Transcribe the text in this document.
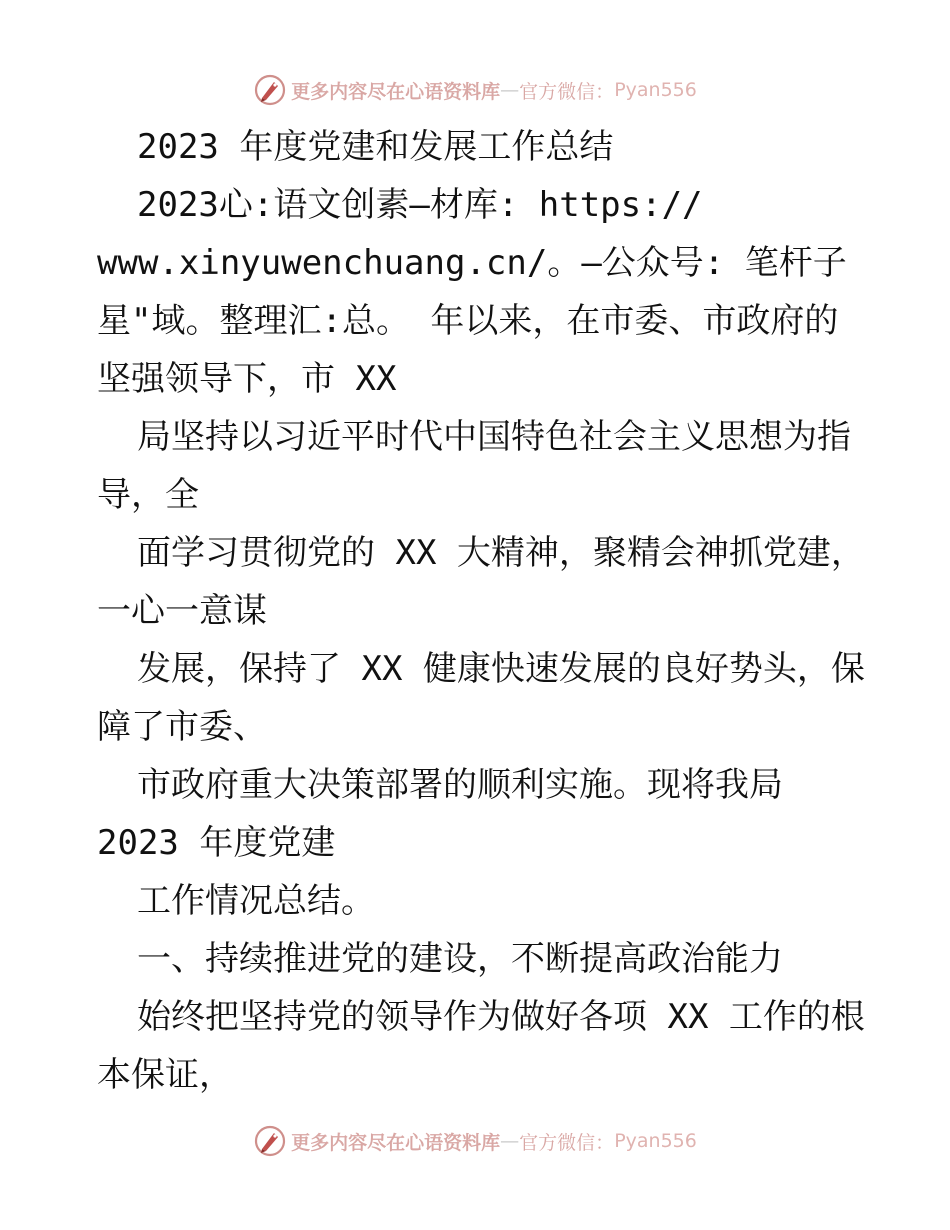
更多内容尽在心语资料库 — 官方微信： Pyan556
2023 年度党建和发展工作总结
2023心:语文创素—材库: https://
www.xinyuwenchuang.cn/。—公众号: 笔杆子
星"域。整理汇:总。 年以来，在市委、市政府的
坚强领导下，市 XX
局坚持以习近平时代中国特色社会主义思想为指
导，全
面学习贯彻党的 XX 大精神，聚精会神抓党建，
一心一意谋
发展，保持了 XX 健康快速发展的良好势头，保
障了市委、
市政府重大决策部署的顺利实施。现将我局
2023 年度党建
工作情况总结。
一、持续推进党的建设，不断提高政治能力
始终把坚持党的领导作为做好各项 XX 工作的根
本保证，
更多内容尽在心语资料库 — 官方微信： Pyan556
